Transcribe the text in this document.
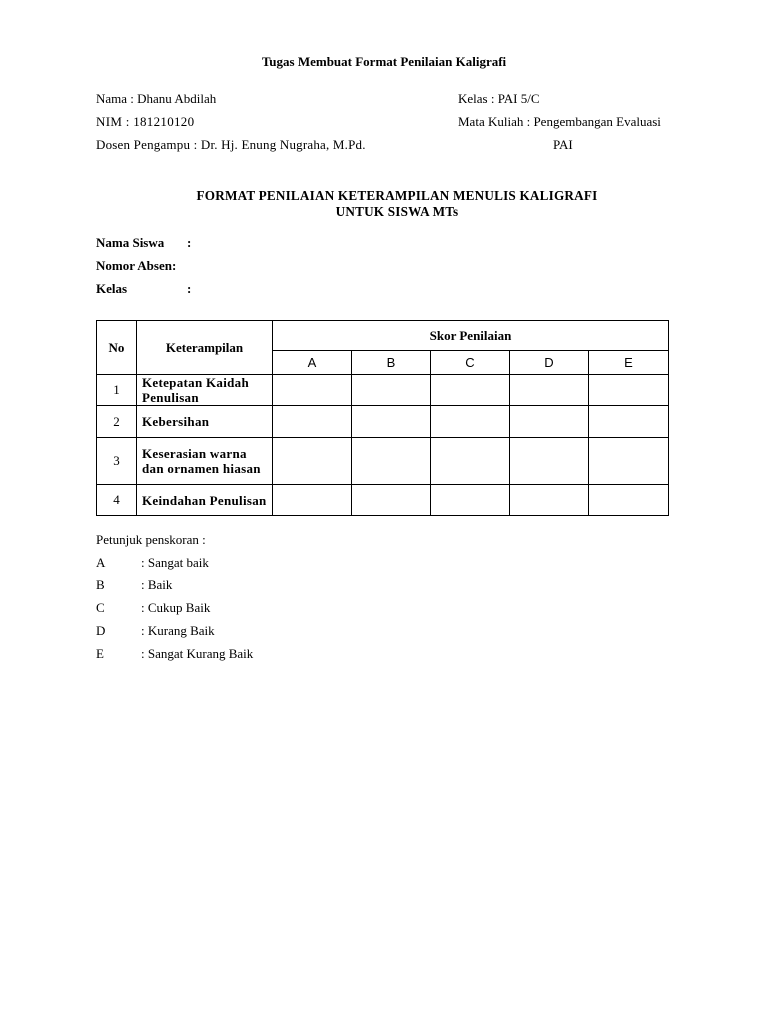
Tugas Membuat Format Penilaian Kaligrafi
Nama : Dhanu Abdilah
NIM : 181210120
Dosen Pengampu : Dr. Hj. Enung Nugraha, M.Pd.
Kelas : PAI 5/C
Mata Kuliah : Pengembangan Evaluasi
PAI
FORMAT PENILAIAN KETERAMPILAN MENULIS KALIGRAFI
UNTUK SISWA MTs
Nama Siswa :
Nomor Absen:
Kelas	:
No	Keterampilan	Skor Penilaian				
		A	B	C	D	E
1	Ketepatan Kaidah Penulisan					
2	Kebersihan					
3	Keserasian warna dan ornamen hiasan					
4	Keindahan Penulisan					
Petunjuk penskoran :
A	: Sangat baik
B	: Baik
C	: Cukup Baik
D	: Kurang Baik
E	: Sangat Kurang Baik
